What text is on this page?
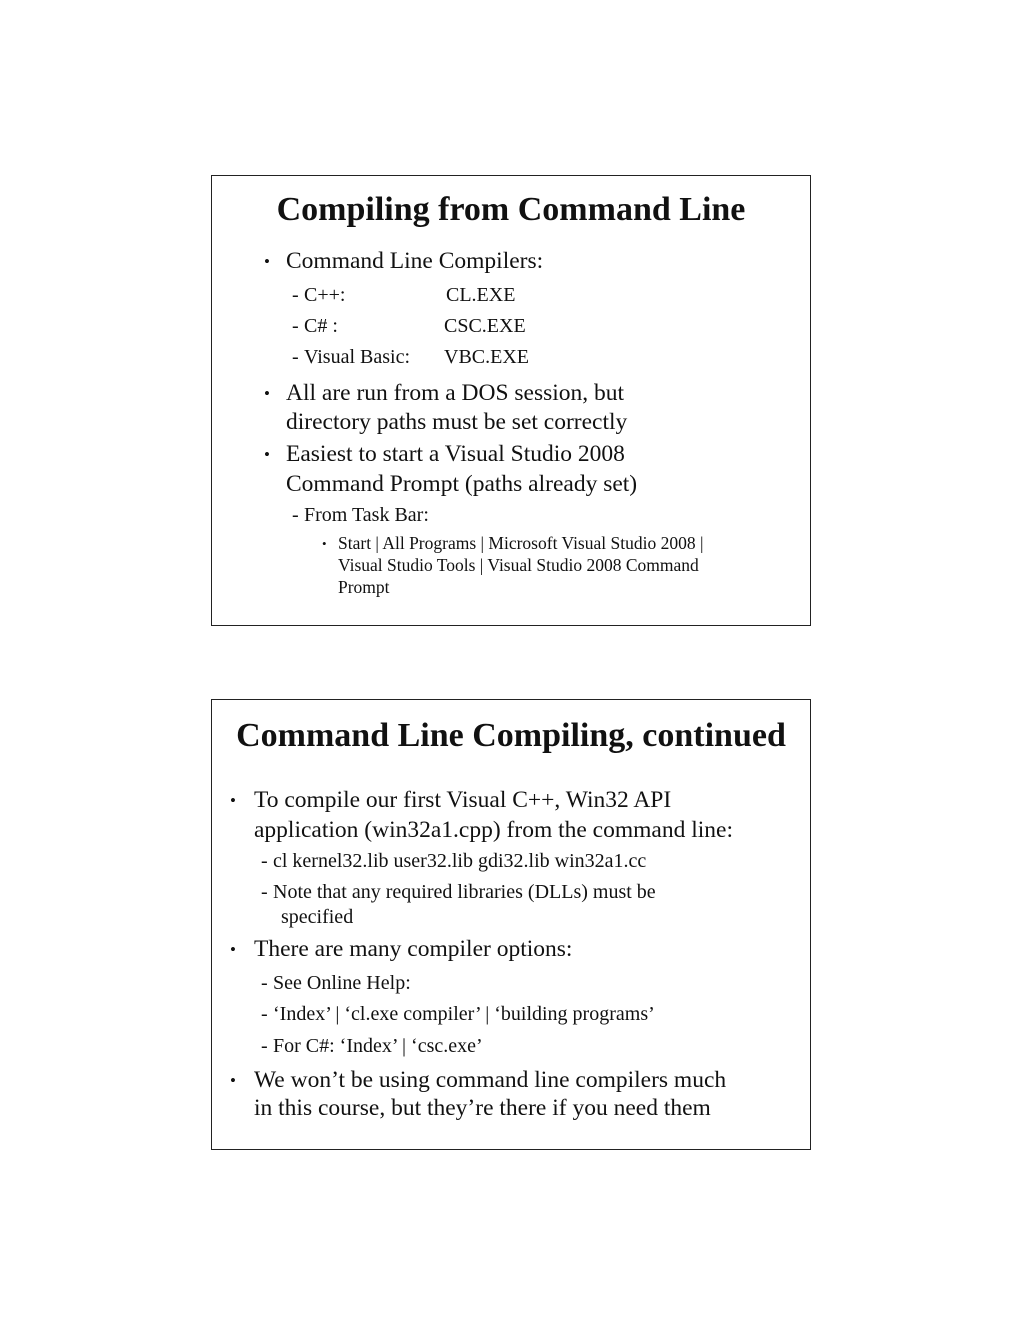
Compiling from Command Line
• Command Line Compilers:
- C++:	CL.EXE
- C# :	CSC.EXE
- Visual Basic: VBC.EXE
• All are run from a DOS session, but
directory paths must be set correctly
• Easiest to start a Visual Studio 2008
Command Prompt (paths already set)
- From Task Bar:
• Start | All Programs | Microsoft Visual Studio 2008 |
Visual Studio Tools | Visual Studio 2008 Command
Prompt
Command Line Compiling, continued
• To compile our first Visual C++, Win32 API
application (win32a1.cpp) from the command line:
- cl kernel32.lib user32.lib gdi32.lib win32a1.cc
- Note that any required libraries (DLLs) must be
specified
• There are many compiler options:
- See Online Help:
- ‘Index’ | ‘cl.exe compiler’ | ‘building programs’
- For C#: ‘Index’ | ‘csc.exe’
• We won’t be using command line compilers much
in this course, but they’re there if you need them
